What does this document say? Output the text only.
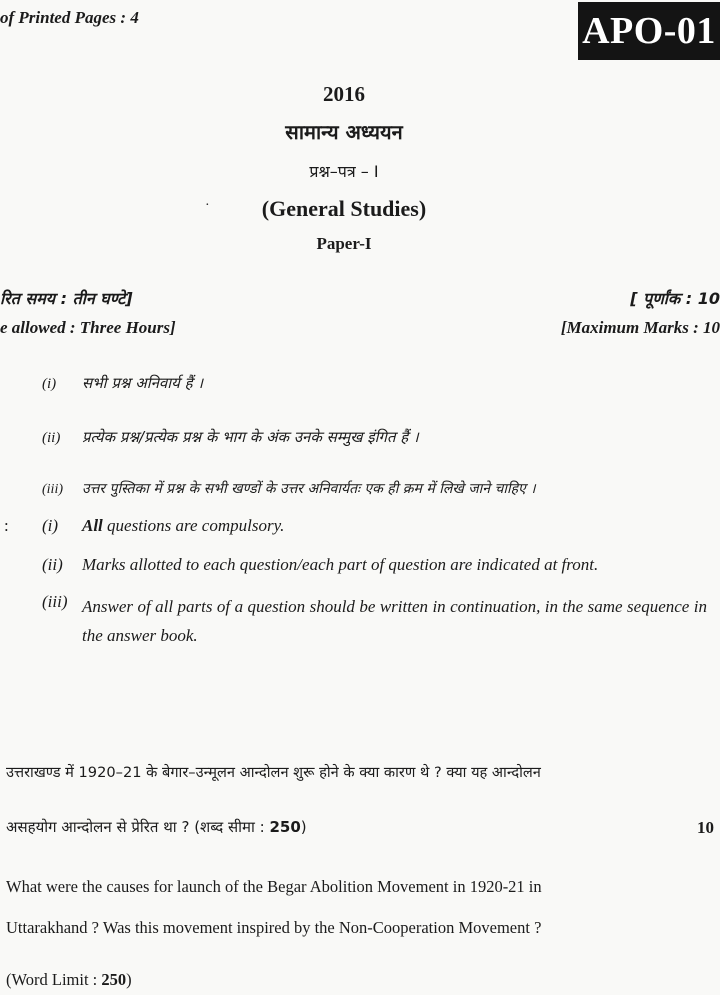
of Printed Pages : 4	APO-01
2016
सामान्य अध्ययन
प्रश्न–पत्र – I
·	(General Studies)
Paper-I
रित समय : तीन घण्टे]	[ पूर्णांक : 10
e allowed : Three Hours]	[Maximum Marks : 10
(i) सभी प्रश्न अनिवार्य हैं ।
(ii) प्रत्येक प्रश्न/प्रत्येक प्रश्न के भाग के अंक उनके सम्मुख इंगित हैं ।
(iii) उत्तर पुस्तिका में प्रश्न के सभी खण्डों के उत्तर अनिवार्यतः एक ही क्रम में लिखे जाने चाहिए ।
: (i) All questions are compulsory.
(ii) Marks allotted to each question/each part of question are indicated at front.
(iii) Answer of all parts of a question should be written in continuation, in the same sequence in the answer book.
उत्तराखण्ड में 1920–21 के बेगार–उन्मूलन आन्दोलन शुरू होने के क्या कारण थे ? क्या यह आन्दोलन
असहयोग आन्दोलन से प्रेरित था ? (शब्द सीमा : 250)	10
What were the causes for launch of the Begar Abolition Movement in 1920-21 in
Uttarakhand ? Was this movement inspired by the Non-Cooperation Movement ?
(Word Limit : 250)
